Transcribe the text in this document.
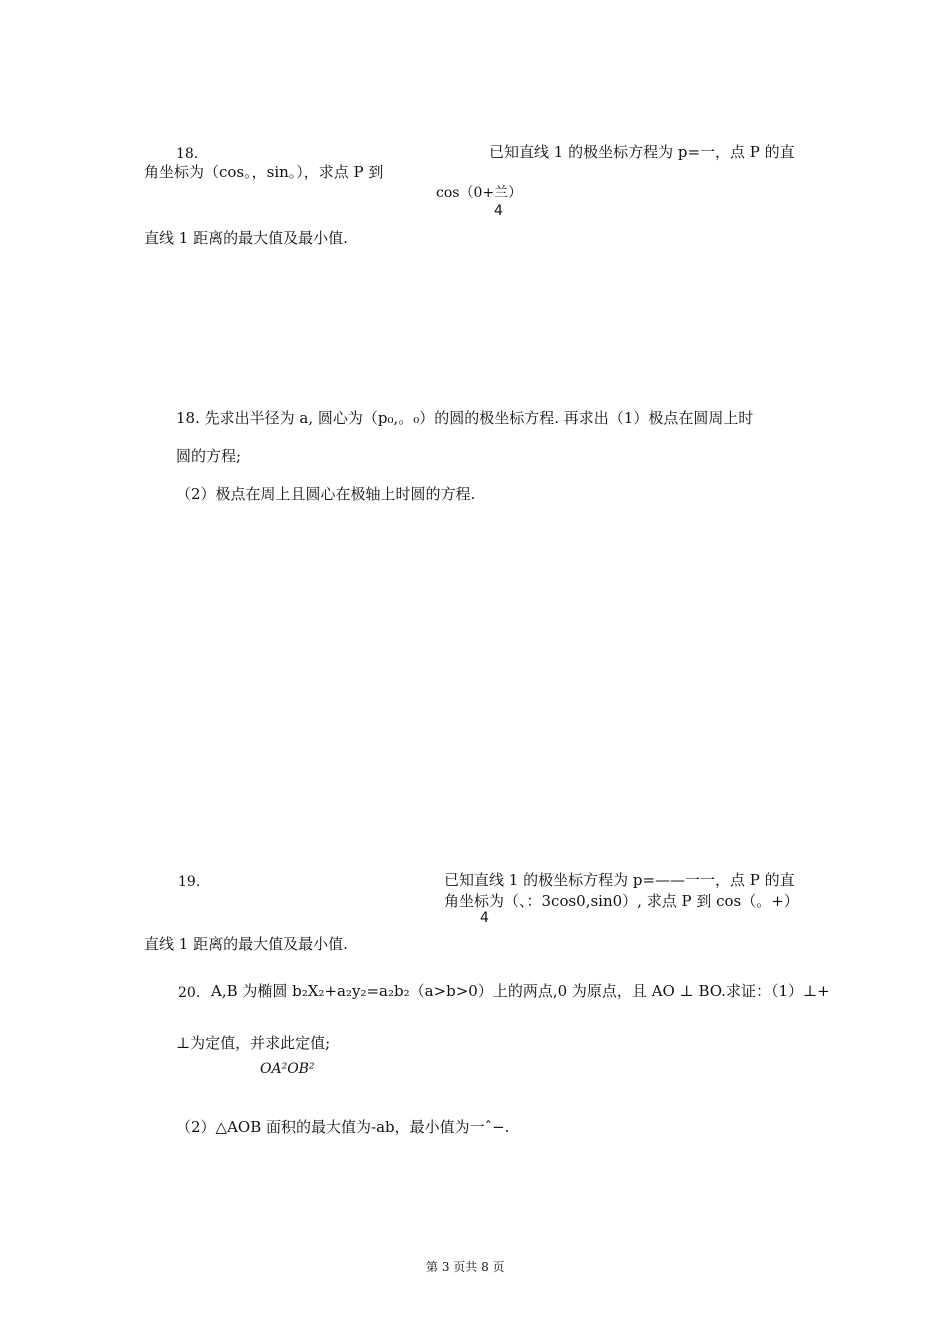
18.	已知直线 1 的极坐标方程为 p=一，点 P 的直
角坐标为（cos。，sin。），求点 P 到
cos（0+兰）
4
直线 1 距离的最大值及最小值.
18. 先求出半径为 a, 圆心为（p₀,。₀）的圆的极坐标方程. 再求出（1）极点在圆周上时
圆的方程;
（2）极点在周上且圆心在极轴上时圆的方程.
19.	已知直线 1 的极坐标方程为 p=——一一，点 P 的直
角坐标为（、：3cos0,sin0）, 求点 P 到 cos（。+）
4
直线 1 距离的最大值及最小值.
20. A,B 为椭圆 b₂X₂+a₂y₂=a₂b₂（a>b>0）上的两点,0 为原点，且 AO ⊥ BO.求证：（1）⊥+
⊥为定值，并求此定值;
OA²OB²
（2）△AOB 面积的最大值为-ab，最小值为一ˆ−.
第 3 页共 8 页
